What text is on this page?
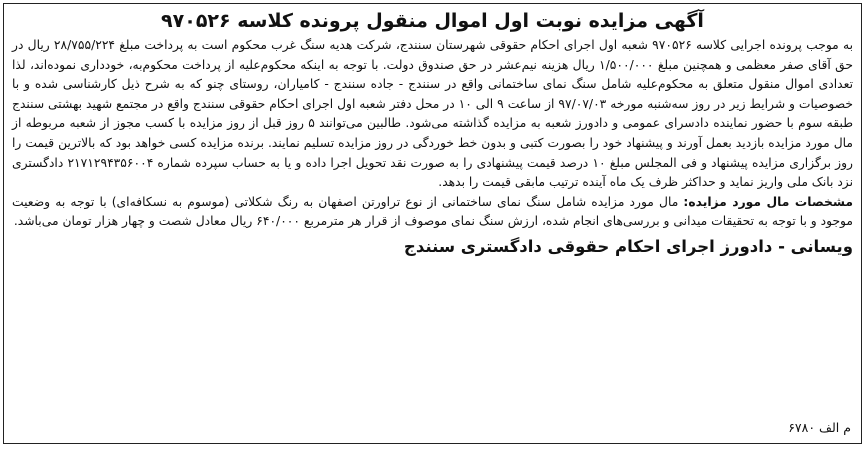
آگهی مزایده نوبت اول اموال منقول پرونده کلاسه ۹۷۰۵۲۶

به موجب پرونده اجرایی کلاسه ۹۷۰۵۲۶ شعبه اول اجرای احکام حقوقی شهرستان سنندج، شرکت هدیه سنگ غرب محکوم است به پرداخت مبلغ ۲۸/۷۵۵/۲۲۴ ریال در حق آقای صفر معظمی و همچنین مبلغ ۱/۵۰۰/۰۰۰ ریال هزینه نیم‌عشر در حق صندوق دولت. با توجه به اینکه محکوم‌علیه از پرداخت محکوم‌به، خودداری نموده‌اند، لذا تعدادی اموال منقول متعلق به محکوم‌علیه شامل سنگ نمای ساختمانی واقع در سنندج - جاده سنندج - کامیاران، روستای چنو که به شرح ذیل کارشناسی شده و با خصوصیات و شرایط زیر در روز سه‌شنبه مورخه ۹۷/۰۷/۰۳ از ساعت ۹ الی ۱۰ در محل دفتر شعبه اول اجرای احکام حقوقی سنندج واقع در مجتمع شهید بهشتی سنندج طبقه سوم با حضور نماینده دادسرای عمومی و دادورز شعبه به مزایده گذاشته می‌شود. طالبین می‌توانند ۵ روز قبل از روز مزایده با کسب مجوز از شعبه مربوطه از مال مورد مزایده بازدید بعمل آورند و پیشنهاد خود را بصورت کتبی و بدون خط خوردگی در روز مزایده تسلیم نمایند. برنده مزایده کسی خواهد بود که بالاترین قیمت را روز برگزاری مزایده پیشنهاد و فی المجلس مبلغ ۱۰ درصد قیمت پیشنهادی را به صورت نقد تحویل اجرا داده و یا به حساب سپرده شماره ۲۱۷۱۲۹۴۳۵۶۰۰۴ دادگستری نزد بانک ملی واریز نماید و حداکثر ظرف یک ماه آینده ترتیب مابقی قیمت را بدهد.

مشخصات مال مورد مزایده: مال مورد مزایده شامل سنگ نمای ساختمانی از نوع تراورتن اصفهان به رنگ شکلاتی (موسوم به نسکافه‌ای) با توجه به وضعیت موجود و با توجه به تحقیقات میدانی و بررسی‌های انجام شده، ارزش سنگ نمای موصوف از قرار هر مترمربع ۶۴۰/۰۰۰ ریال معادل شصت و چهار هزار تومان می‌باشد.

ویسانی - دادورز اجرای احکام حقوقی دادگستری سنندج
م الف ۶۷۸۰
